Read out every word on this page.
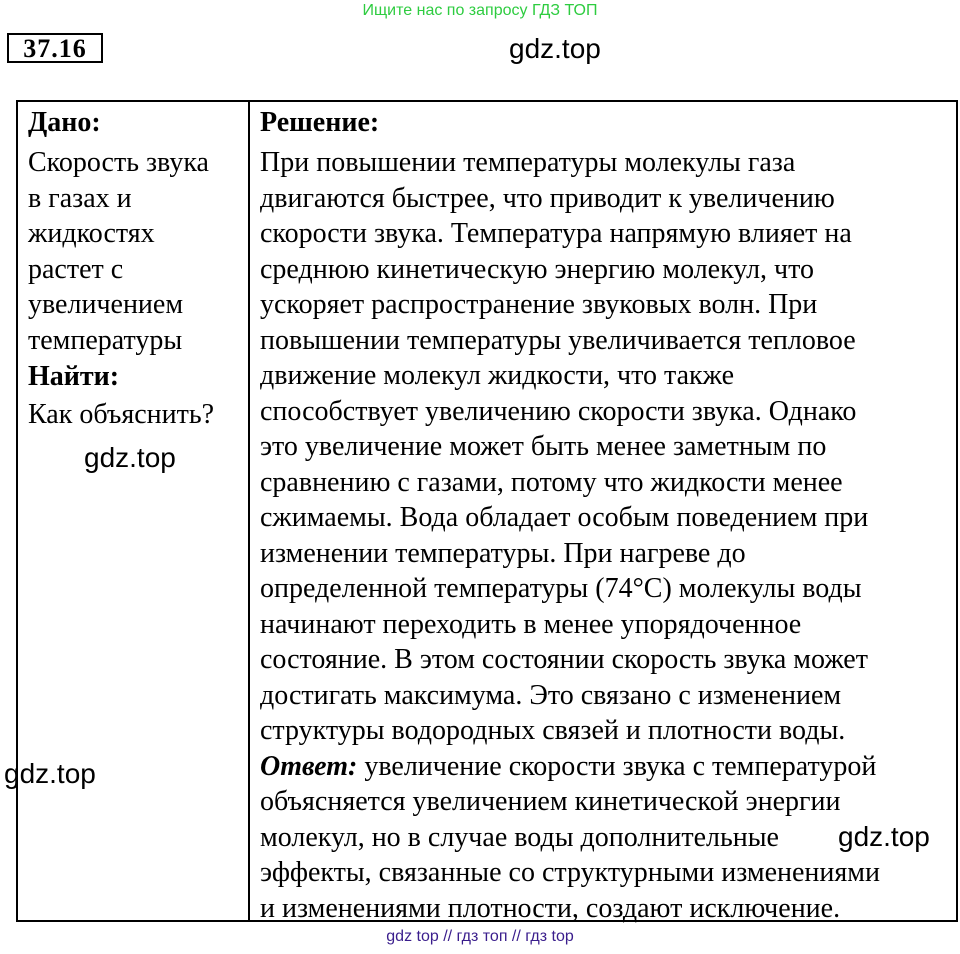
Ищите нас по запросу ГДЗ ТОП
37.16	gdz.top
Дано:
Скорость звука
в газах и
жидкостях
растет с
увеличением
температуры
Найти:
Как объяснить?
Решение:
При повышении температуры молекулы газа
двигаются быстрее, что приводит к увеличению
скорости звука. Температура напрямую влияет на
среднюю кинетическую энергию молекул, что
ускоряет распространение звуковых волн. При
повышении температуры увеличивается тепловое
движение молекул жидкости, что также
способствует увеличению скорости звука. Однако
это увеличение может быть менее заметным по
сравнению с газами, потому что жидкости менее
сжимаемы. Вода обладает особым поведением при
изменении температуры. При нагреве до
определенной температуры (74°C) молекулы воды
начинают переходить в менее упорядоченное
состояние. В этом состоянии скорость звука может
достигать максимума. Это связано с изменением
структуры водородных связей и плотности воды.
Ответ: увеличение скорости звука с температурой
объясняется увеличением кинетической энергии
молекул, но в случае воды дополнительные
эффекты, связанные со структурными изменениями
и изменениями плотности, создают исключение.
gdz.top
gdz.top
gdz.top
gdz top // гдз топ // гдз top
